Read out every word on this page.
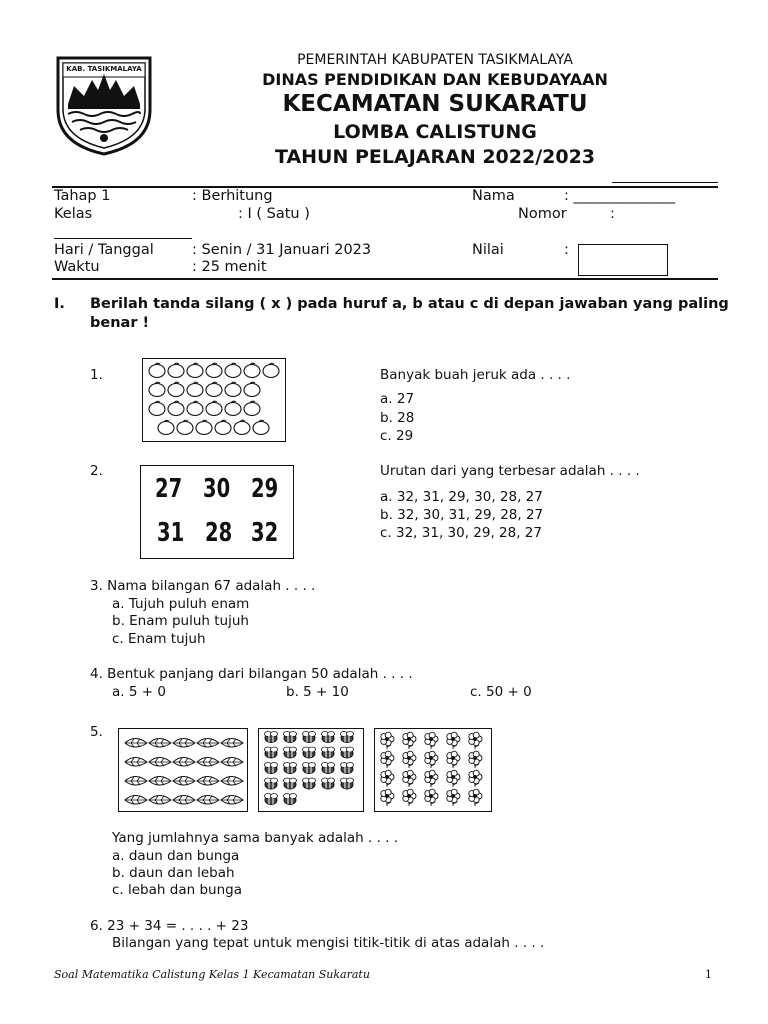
KAB. TASIKMALAYA
PEMERINTAH KABUPATEN TASIKMALAYA
DINAS PENDIDIKAN DAN KEBUDAYAAN
KECAMATAN SUKARATU
LOMBA CALISTUNG
TAHUN PELAJARAN 2022/2023
Tahap 1	: Berhitung	Nama	: ______________
Kelas	: I ( Satu )	Nomor	:
Hari / Tanggal	: Senin / 31 Januari 2023	Nilai	:
Waktu	: 25 menit
I. Berilah tanda silang ( x ) pada huruf a, b atau c di depan jawaban yang paling
benar !
1.	Banyak buah jeruk ada . . . .
a. 27
b. 28
c. 29
2.
27 30 29
31 28 32
Urutan dari yang terbesar adalah . . . .
a. 32, 31, 29, 30, 28, 27
b. 32, 30, 31, 29, 28, 27
c. 32, 31, 30, 29, 28, 27
3. Nama bilangan 67 adalah . . . .
a. Tujuh puluh enam
b. Enam puluh tujuh
c. Enam tujuh
4. Bentuk panjang dari bilangan 50 adalah . . . .
a. 5 + 0	b. 5 + 10	c. 50 + 0
5.
Yang jumlahnya sama banyak adalah . . . .
a. daun dan bunga
b. daun dan lebah
c. lebah dan bunga
6. 23 + 34 = . . . . + 23
Bilangan yang tepat untuk mengisi titik-titik di atas adalah . . . .
Soal Matematika Calistung Kelas 1 Kecamatan Sukaratu	1
